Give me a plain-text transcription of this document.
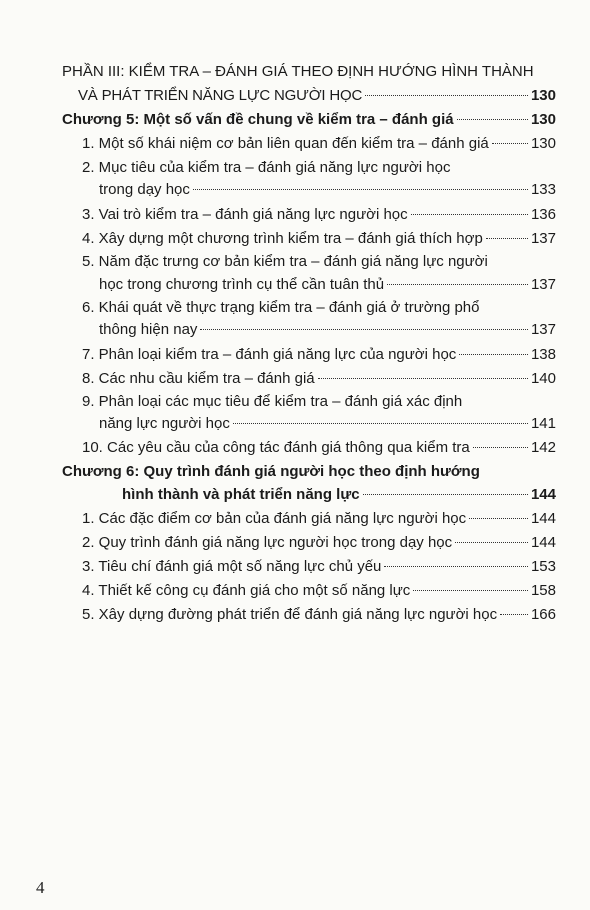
PHẦN III: KIỂM TRA – ĐÁNH GIÁ THEO ĐỊNH HƯỚNG HÌNH THÀNH
VÀ PHÁT TRIỂN NĂNG LỰC NGƯỜI HỌC	130
Chương 5: Một số vấn đề chung về kiểm tra – đánh giá	130
1. Một số khái niệm cơ bản liên quan đến kiểm tra – đánh giá	130
2. Mục tiêu của kiểm tra – đánh giá năng lực người học
trong dạy học	133
3. Vai trò kiểm tra – đánh giá năng lực người học	136
4. Xây dựng một chương trình kiểm tra – đánh giá thích hợp	137
5. Năm đặc trưng cơ bản kiểm tra – đánh giá năng lực người
học trong chương trình cụ thể cần tuân thủ	137
6. Khái quát về thực trạng kiểm tra – đánh giá ở trường phổ
thông hiện nay	137
7. Phân loại kiểm tra – đánh giá năng lực của người học	138
8. Các nhu cầu kiểm tra – đánh giá	140
9. Phân loại các mục tiêu để kiểm tra – đánh giá xác định
năng lực người học	141
10. Các yêu cầu của công tác đánh giá thông qua kiểm tra	142
Chương 6: Quy trình đánh giá người học theo định hướng
hình thành và phát triển năng lực	144
1. Các đặc điểm cơ bản của đánh giá năng lực người học	144
2. Quy trình đánh giá năng lực người học trong dạy học	144
3. Tiêu chí đánh giá một số năng lực chủ yếu	153
4. Thiết kế công cụ đánh giá cho một số năng lực	158
5. Xây dựng đường phát triển để đánh giá năng lực người học 166
4
